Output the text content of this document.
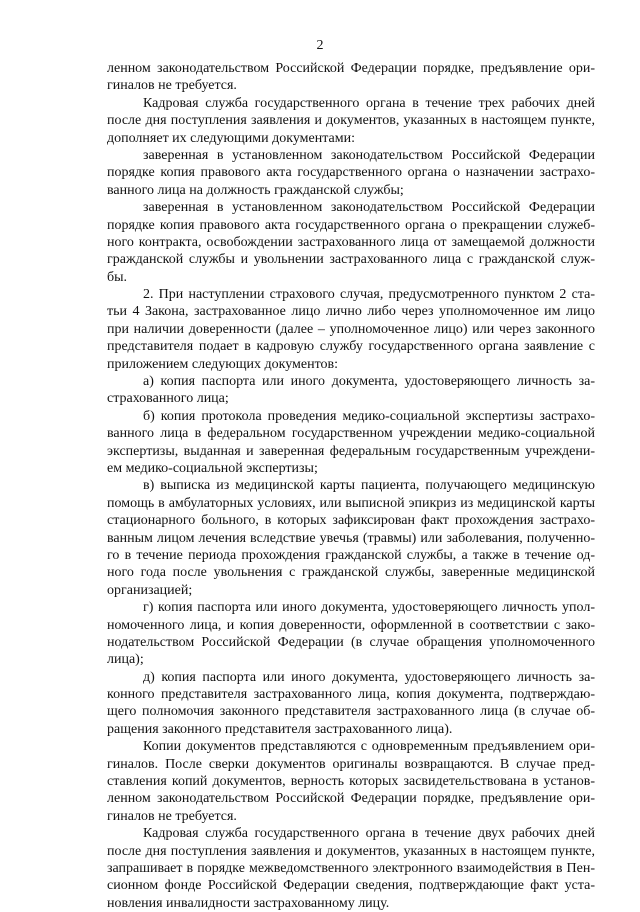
2
ленном законодательством Российской Федерации порядке, предъявление ори-
гиналов не требуется.
Кадровая служба государственного органа в течение трех рабочих дней
после дня поступления заявления и документов, указанных в настоящем пункте,
дополняет их следующими документами:
заверенная в установленном законодательством Российской Федерации
порядке копия правового акта государственного органа о назначении застрахо-
ванного лица на должность гражданской службы;
заверенная в установленном законодательством Российской Федерации
порядке копия правового акта государственного органа о прекращении служеб-
ного контракта, освобождении застрахованного лица от замещаемой должности
гражданской службы и увольнении застрахованного лица с гражданской служ-
бы.
2. При наступлении страхового случая, предусмотренного пунктом 2 ста-
тьи 4 Закона, застрахованное лицо лично либо через уполномоченное им лицо
при наличии доверенности (далее – уполномоченное лицо) или через законного
представителя подает в кадровую службу государственного органа заявление с
приложением следующих документов:
а) копия паспорта или иного документа, удостоверяющего личность за-
страхованного лица;
б) копия протокола проведения медико-социальной экспертизы застрахо-
ванного лица в федеральном государственном учреждении медико-социальной
экспертизы, выданная и заверенная федеральным государственным учреждени-
ем медико-социальной экспертизы;
в) выписка из медицинской карты пациента, получающего медицинскую
помощь в амбулаторных условиях, или выписной эпикриз из медицинской карты
стационарного больного, в которых зафиксирован факт прохождения застрахо-
ванным лицом лечения вследствие увечья (травмы) или заболевания, полученно-
го в течение периода прохождения гражданской службы, а также в течение од-
ного года после увольнения с гражданской службы, заверенные медицинской
организацией;
г) копия паспорта или иного документа, удостоверяющего личность упол-
номоченного лица, и копия доверенности, оформленной в соответствии с зако-
нодательством Российской Федерации (в случае обращения уполномоченного
лица);
д) копия паспорта или иного документа, удостоверяющего личность за-
конного представителя застрахованного лица, копия документа, подтверждаю-
щего полномочия законного представителя застрахованного лица (в случае об-
ращения законного представителя застрахованного лица).
Копии документов представляются с одновременным предъявлением ори-
гиналов. После сверки документов оригиналы возвращаются. В случае пред-
ставления копий документов, верность которых засвидетельствована в установ-
ленном законодательством Российской Федерации порядке, предъявление ори-
гиналов не требуется.
Кадровая служба государственного органа в течение двух рабочих дней
после дня поступления заявления и документов, указанных в настоящем пункте,
запрашивает в порядке межведомственного электронного взаимодействия в Пен-
сионном фонде Российской Федерации сведения, подтверждающие факт уста-
новления инвалидности застрахованному лицу.
